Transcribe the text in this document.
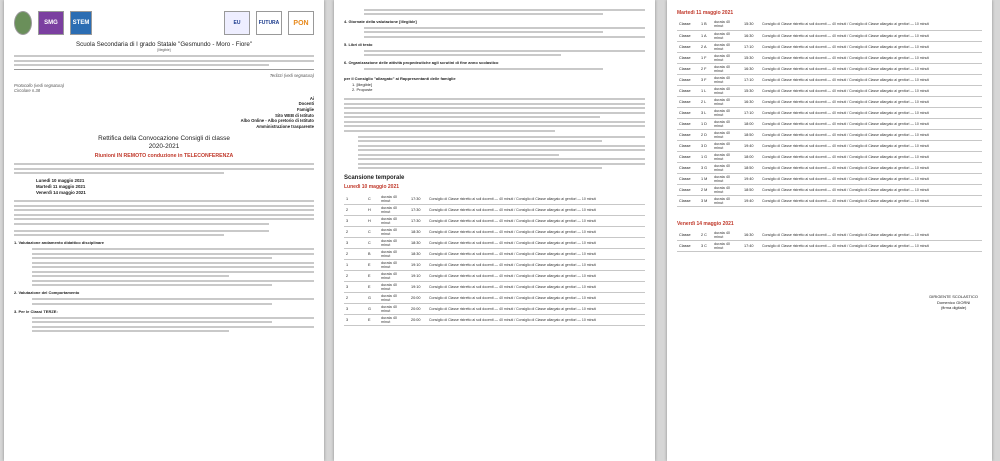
SMG	STEM	EU	FUTURA	PON
Scuola Secondaria di I grado Statale "Gesmundo - Moro - Fiore"
[illegible]
Terlizzi (vedi segnatura)
Protocollo (vedi segnatura)
Circolare n.38
Ai
Docenti
Famiglie
Sito WEB di Istituto
Albo Online - Albo pretorio di Istituto
Amministrazione trasparente
Rettifica della Convocazione Consigli di classe
2020-2021
Riunioni IN REMOTO conduzione in TELECONFERENZA
Lunedì 10 maggio 2021
Martedì 11 maggio 2021
Venerdì 14 maggio 2021
1. Valutazione andamento didattico disciplinare
2. Valutazione del Comportamento
3. Per le Classi TERZE:
4. Giornate della valutazione [illegible]
5. Libri di testo
6. Organizzazione delle attività propedeutiche agli scrutini di fine anno scolastico
per il Consiglio "allargato" ai Rappresentanti delle famiglie
1. [illegible]
2. Proposte
Scansione temporale
Lunedì 10 maggio 2021
1	C	durata 40 minut	17:30	Consiglio di Classe ristretto ai soli docenti — 40 minuti / Consiglio di Classe allargato ai genitori — 10 minuti
2	H	durata 40 minut	17:30	Consiglio di Classe ristretto ai soli docenti — 40 minuti / Consiglio di Classe allargato ai genitori — 10 minuti
3	H	durata 40 minut	17:30	Consiglio di Classe ristretto ai soli docenti — 40 minuti / Consiglio di Classe allargato ai genitori — 10 minuti
2	C	durata 40 minut	18:30	Consiglio di Classe ristretto ai soli docenti — 40 minuti / Consiglio di Classe allargato ai genitori — 10 minuti
3	C	durata 40 minut	18:30	Consiglio di Classe ristretto ai soli docenti — 40 minuti / Consiglio di Classe allargato ai genitori — 10 minuti
2	B	durata 40 minut	18:30	Consiglio di Classe ristretto ai soli docenti — 40 minuti / Consiglio di Classe allargato ai genitori — 10 minuti
1	E	durata 40 minut	19:10	Consiglio di Classe ristretto ai soli docenti — 40 minuti / Consiglio di Classe allargato ai genitori — 10 minuti
2	E	durata 40 minut	19:10	Consiglio di Classe ristretto ai soli docenti — 40 minuti / Consiglio di Classe allargato ai genitori — 10 minuti
3	E	durata 40 minut	19:10	Consiglio di Classe ristretto ai soli docenti — 40 minuti / Consiglio di Classe allargato ai genitori — 10 minuti
2	G	durata 40 minut	20:00	Consiglio di Classe ristretto ai soli docenti — 40 minuti / Consiglio di Classe allargato ai genitori — 10 minuti
3	G	durata 40 minut	20:00	Consiglio di Classe ristretto ai soli docenti — 40 minuti / Consiglio di Classe allargato ai genitori — 10 minuti
3	E	durata 40 minut	20:00	Consiglio di Classe ristretto ai soli docenti — 40 minuti / Consiglio di Classe allargato ai genitori — 10 minuti
Martedì 11 maggio 2021
Classe	1 B	durata 40 minut	15:30	Consiglio di Classe ristretto ai soli docenti — 40 minuti / Consiglio di Classe allargato ai genitori — 10 minuti
Classe	1 A	durata 40 minut	16:30	Consiglio di Classe ristretto ai soli docenti — 40 minuti / Consiglio di Classe allargato ai genitori — 10 minuti
Classe	2 A	durata 40 minut	17:10	Consiglio di Classe ristretto ai soli docenti — 40 minuti / Consiglio di Classe allargato ai genitori — 10 minuti
Classe	1 F	durata 40 minut	15:30	Consiglio di Classe ristretto ai soli docenti — 40 minuti / Consiglio di Classe allargato ai genitori — 10 minuti
Classe	2 F	durata 40 minut	16:30	Consiglio di Classe ristretto ai soli docenti — 40 minuti / Consiglio di Classe allargato ai genitori — 10 minuti
Classe	3 F	durata 40 minut	17:10	Consiglio di Classe ristretto ai soli docenti — 40 minuti / Consiglio di Classe allargato ai genitori — 10 minuti
Classe	1 L	durata 40 minut	15:30	Consiglio di Classe ristretto ai soli docenti — 40 minuti / Consiglio di Classe allargato ai genitori — 10 minuti
Classe	2 L	durata 40 minut	16:30	Consiglio di Classe ristretto ai soli docenti — 40 minuti / Consiglio di Classe allargato ai genitori — 10 minuti
Classe	3 L	durata 40 minut	17:10	Consiglio di Classe ristretto ai soli docenti — 40 minuti / Consiglio di Classe allargato ai genitori — 10 minuti
Classe	1 D	durata 40 minut	18:00	Consiglio di Classe ristretto ai soli docenti — 40 minuti / Consiglio di Classe allargato ai genitori — 10 minuti
Classe	2 D	durata 40 minut	18:50	Consiglio di Classe ristretto ai soli docenti — 40 minuti / Consiglio di Classe allargato ai genitori — 10 minuti
Classe	3 D	durata 40 minut	19:40	Consiglio di Classe ristretto ai soli docenti — 40 minuti / Consiglio di Classe allargato ai genitori — 10 minuti
Classe	1 G	durata 40 minut	18:00	Consiglio di Classe ristretto ai soli docenti — 40 minuti / Consiglio di Classe allargato ai genitori — 10 minuti
Classe	3 G	durata 40 minut	18:50	Consiglio di Classe ristretto ai soli docenti — 40 minuti / Consiglio di Classe allargato ai genitori — 10 minuti
Classe	1 M	durata 40 minut	19:40	Consiglio di Classe ristretto ai soli docenti — 40 minuti / Consiglio di Classe allargato ai genitori — 10 minuti
Classe	2 M	durata 40 minut	18:50	Consiglio di Classe ristretto ai soli docenti — 40 minuti / Consiglio di Classe allargato ai genitori — 10 minuti
Classe	3 M	durata 40 minut	19:40	Consiglio di Classe ristretto ai soli docenti — 40 minuti / Consiglio di Classe allargato ai genitori — 10 minuti
Venerdì 14 maggio 2021
Classe	2 C	durata 40 minut	16:30	Consiglio di Classe ristretto ai soli docenti — 40 minuti / Consiglio di Classe allargato ai genitori — 10 minuti
Classe	3 C	durata 40 minut	17:40	Consiglio di Classe ristretto ai soli docenti — 40 minuti / Consiglio di Classe allargato ai genitori — 10 minuti
DIRIGENTE SCOLASTICO
Domenico GIORNI
(firma digitale)
